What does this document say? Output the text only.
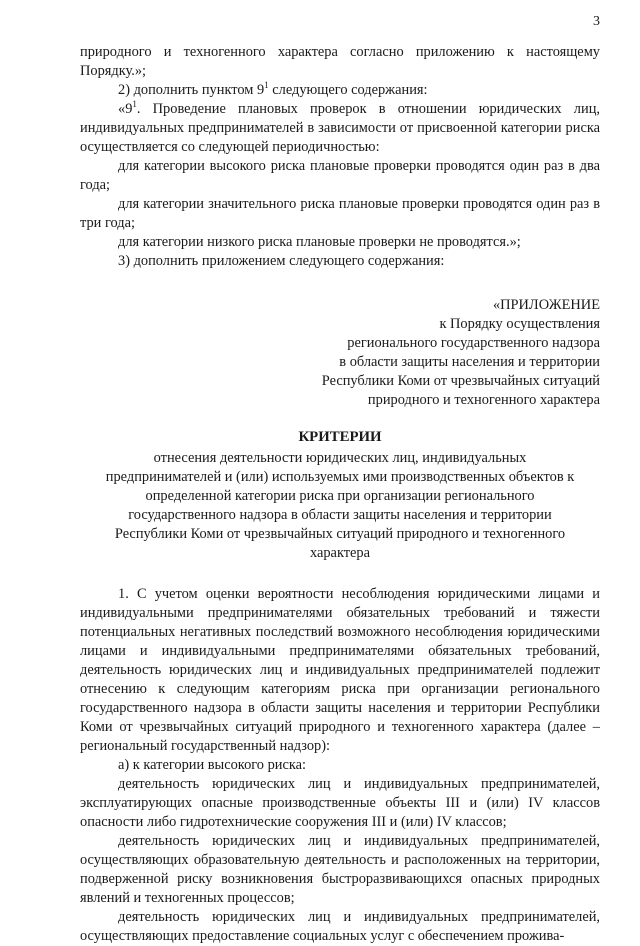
3

природного и техногенного характера согласно приложению к настоящему Порядку.»;

2) дополнить пунктом $9^1$ следующего содержания:

«$9^1$. Проведение плановых проверок в отношении юридических лиц, индивидуальных предпринимателей в зависимости от присвоенной категории риска осуществляется со следующей периодичностью:

для категории высокого риска плановые проверки проводятся один раз в два года;

для категории значительного риска плановые проверки проводятся один раз в три года;

для категории низкого риска плановые проверки не проводятся.»;

3) дополнить приложением следующего содержания:

«ПРИЛОЖЕНИЕ
к Порядку осуществления
регионального государственного надзора
в области защиты населения и территории
Республики Коми от чрезвычайных ситуаций
природного и техногенного характера
КРИТЕРИИ
отнесения деятельности юридических лиц, индивидуальных предпринимателей и (или) используемых ими производственных объектов к определенной категории риска при организации регионального государственного надзора в области защиты населения и территории Республики Коми от чрезвычайных ситуаций природного и техногенного характера

1. С учетом оценки вероятности несоблюдения юридическими лицами и индивидуальными предпринимателями обязательных требований и тяжести потенциальных негативных последствий возможного несоблюдения юридическими лицами и индивидуальными предпринимателями обязательных требований, деятельность юридических лиц и индивидуальных предпринимателей подлежит отнесению к следующим категориям риска при организации регионального государственного надзора в области защиты населения и территории Республики Коми от чрезвычайных ситуаций природного и техногенного характера (далее – региональный государственный надзор):

а) к категории высокого риска:

деятельность юридических лиц и индивидуальных предпринимателей, эксплуатирующих опасные производственные объекты III и (или) IV классов опасности либо гидротехнические сооружения III и (или) IV классов;

деятельность юридических лиц и индивидуальных предпринимателей, осуществляющих образовательную деятельность и расположенных на территории, подверженной риску возникновения быстроразвивающихся опасных природных явлений и техногенных процессов;

деятельность юридических лиц и индивидуальных предпринимателей, осуществляющих предоставление социальных услуг с обеспечением прожива-
